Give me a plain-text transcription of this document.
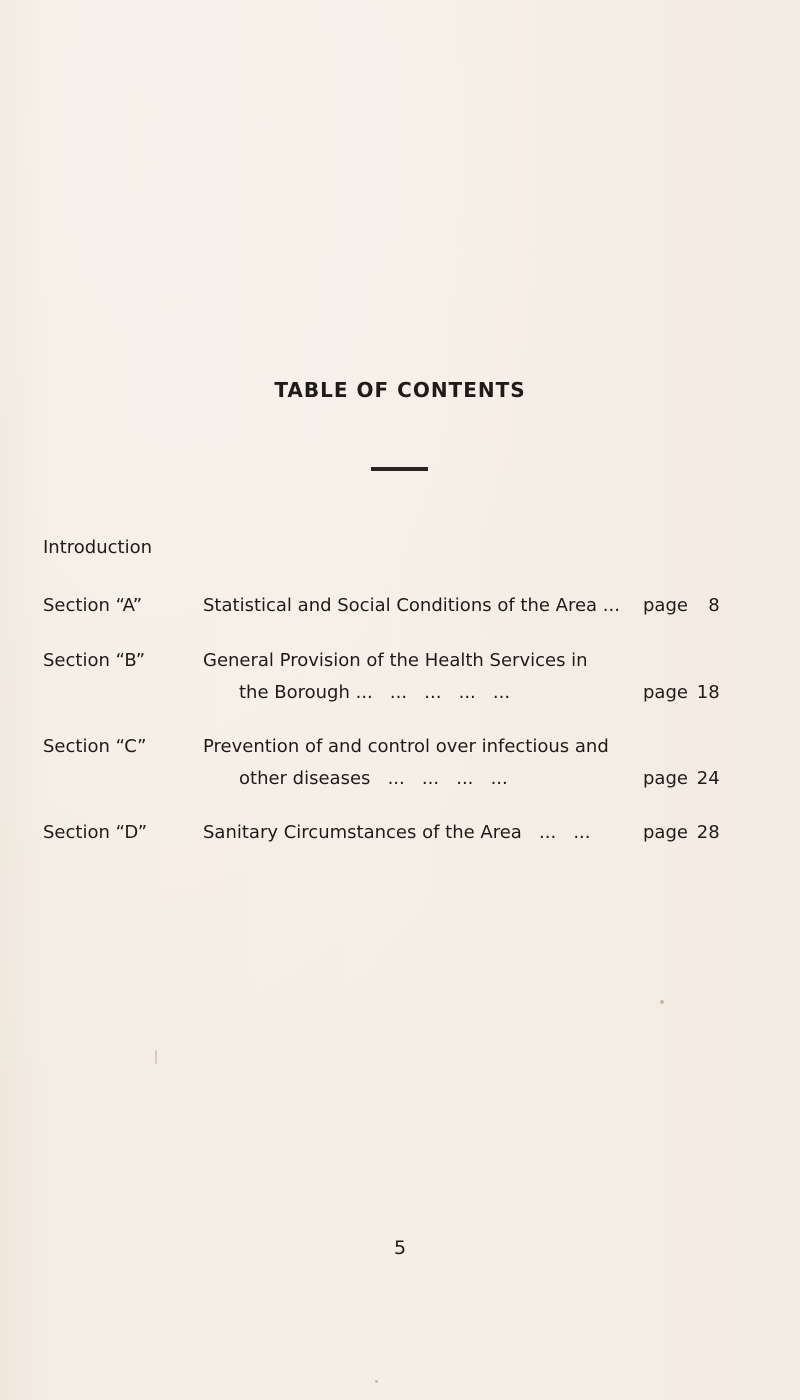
TABLE OF CONTENTS
Introduction
Section “A”	Statistical and Social Conditions of the Area ... page 8
Section “B”	General Provision of the Health Services in
the Borough ...   ...   ...   ...   ...	page 18
Section “C”	Prevention of and control over infectious and
other diseases   ...   ...   ...   ...	page 24
Section “D”	Sanitary Circumstances of the Area   ...   ...	page 28
5
